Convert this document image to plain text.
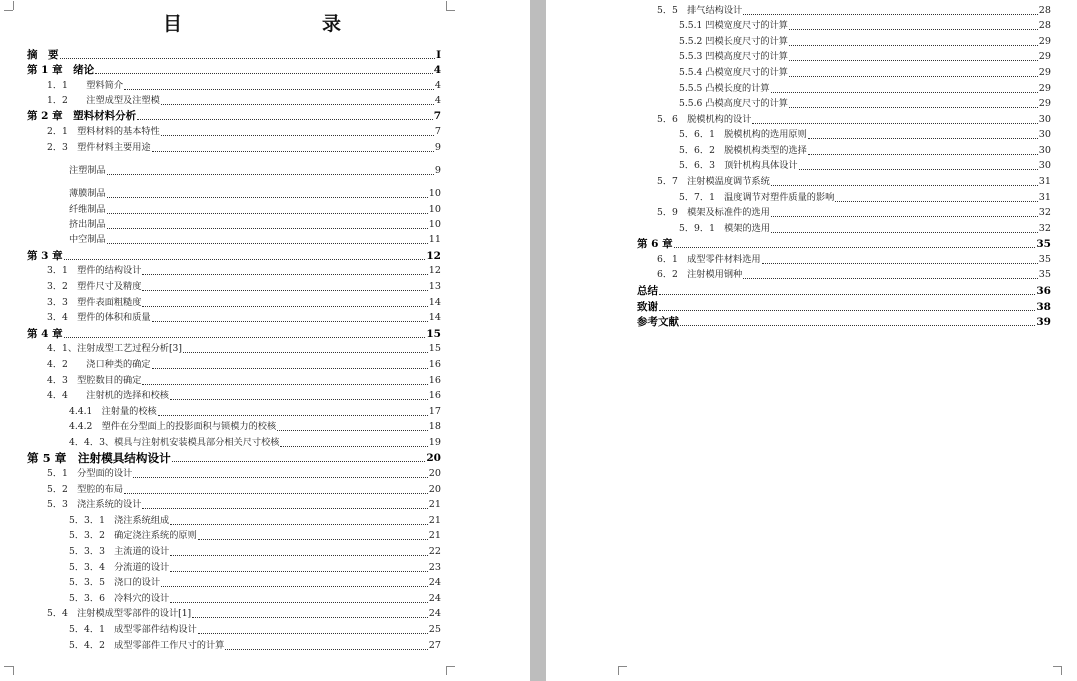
目　　录
摘　要	I
第 1 章　绪论	4
1．1　　塑料简介	4
1．2　　注塑成型及注塑模	4
第 2 章　塑料材料分析	7
2．1　塑料材料的基本特性	7
2．3　塑件材料主要用途	9
注塑制品	9
薄膜制品	10
纤维制品	10
挤出制品	10
中空制品	11
第 3 章	12
3．1　塑件的结构设计	12
3．2　塑件尺寸及精度	13
3．3　塑件表面粗糙度	14
3．4　塑件的体积和质量	14
第 4 章	15
4．1、注射成型工艺过程分析[3]	15
4．2　　浇口种类的确定	16
4．3　型腔数目的确定	16
4．4　　注射机的选择和校核	16
4.4.1　注射量的校核	17
4.4.2　塑件在分型面上的投影面积与锁模力的校核	18
4．4．3、模具与注射机安装模具部分相关尺寸校核	19
第 5 章　注射模具结构设计	20
5．1　分型面的设计	20
5．2　型腔的布局	20
5．3　浇注系统的设计	21
5．3．1　浇注系统组成	21
5．3．2　确定浇注系统的原则	21
5．3．3　主流道的设计	22
5．3．4　分流道的设计	23
5．3．5　浇口的设计	24
5．3．6　冷料穴的设计	24
5．4　注射模成型零部件的设计[1]	24
5．4．1　成型零部件结构设计	25
5．4．2　成型零部件工作尺寸的计算	27
5．5　排气结构设计	28
5.5.1 凹模宽度尺寸的计算	28
5.5.2 凹模长度尺寸的计算	29
5.5.3 凹模高度尺寸的计算	29
5.5.4 凸模宽度尺寸的计算	29
5.5.5 凸模长度的计算	29
5.5.6 凸模高度尺寸的计算	29
5．6　脱模机构的设计	30
5．6．1　脱模机构的选用原则	30
5．6．2　脱模机构类型的选择	30
5．6．3　顶针机构具体设计	30
5．7　注射模温度调节系统	31
5．7．1　温度调节对塑件质量的影响	31
5．9　模架及标准件的选用	32
5．9．1　模架的选用	32
第 6 章	35
6．1　成型零件材料选用	35
6．2　注射模用钢种	35
总结	36
致谢	38
参考文献	39
